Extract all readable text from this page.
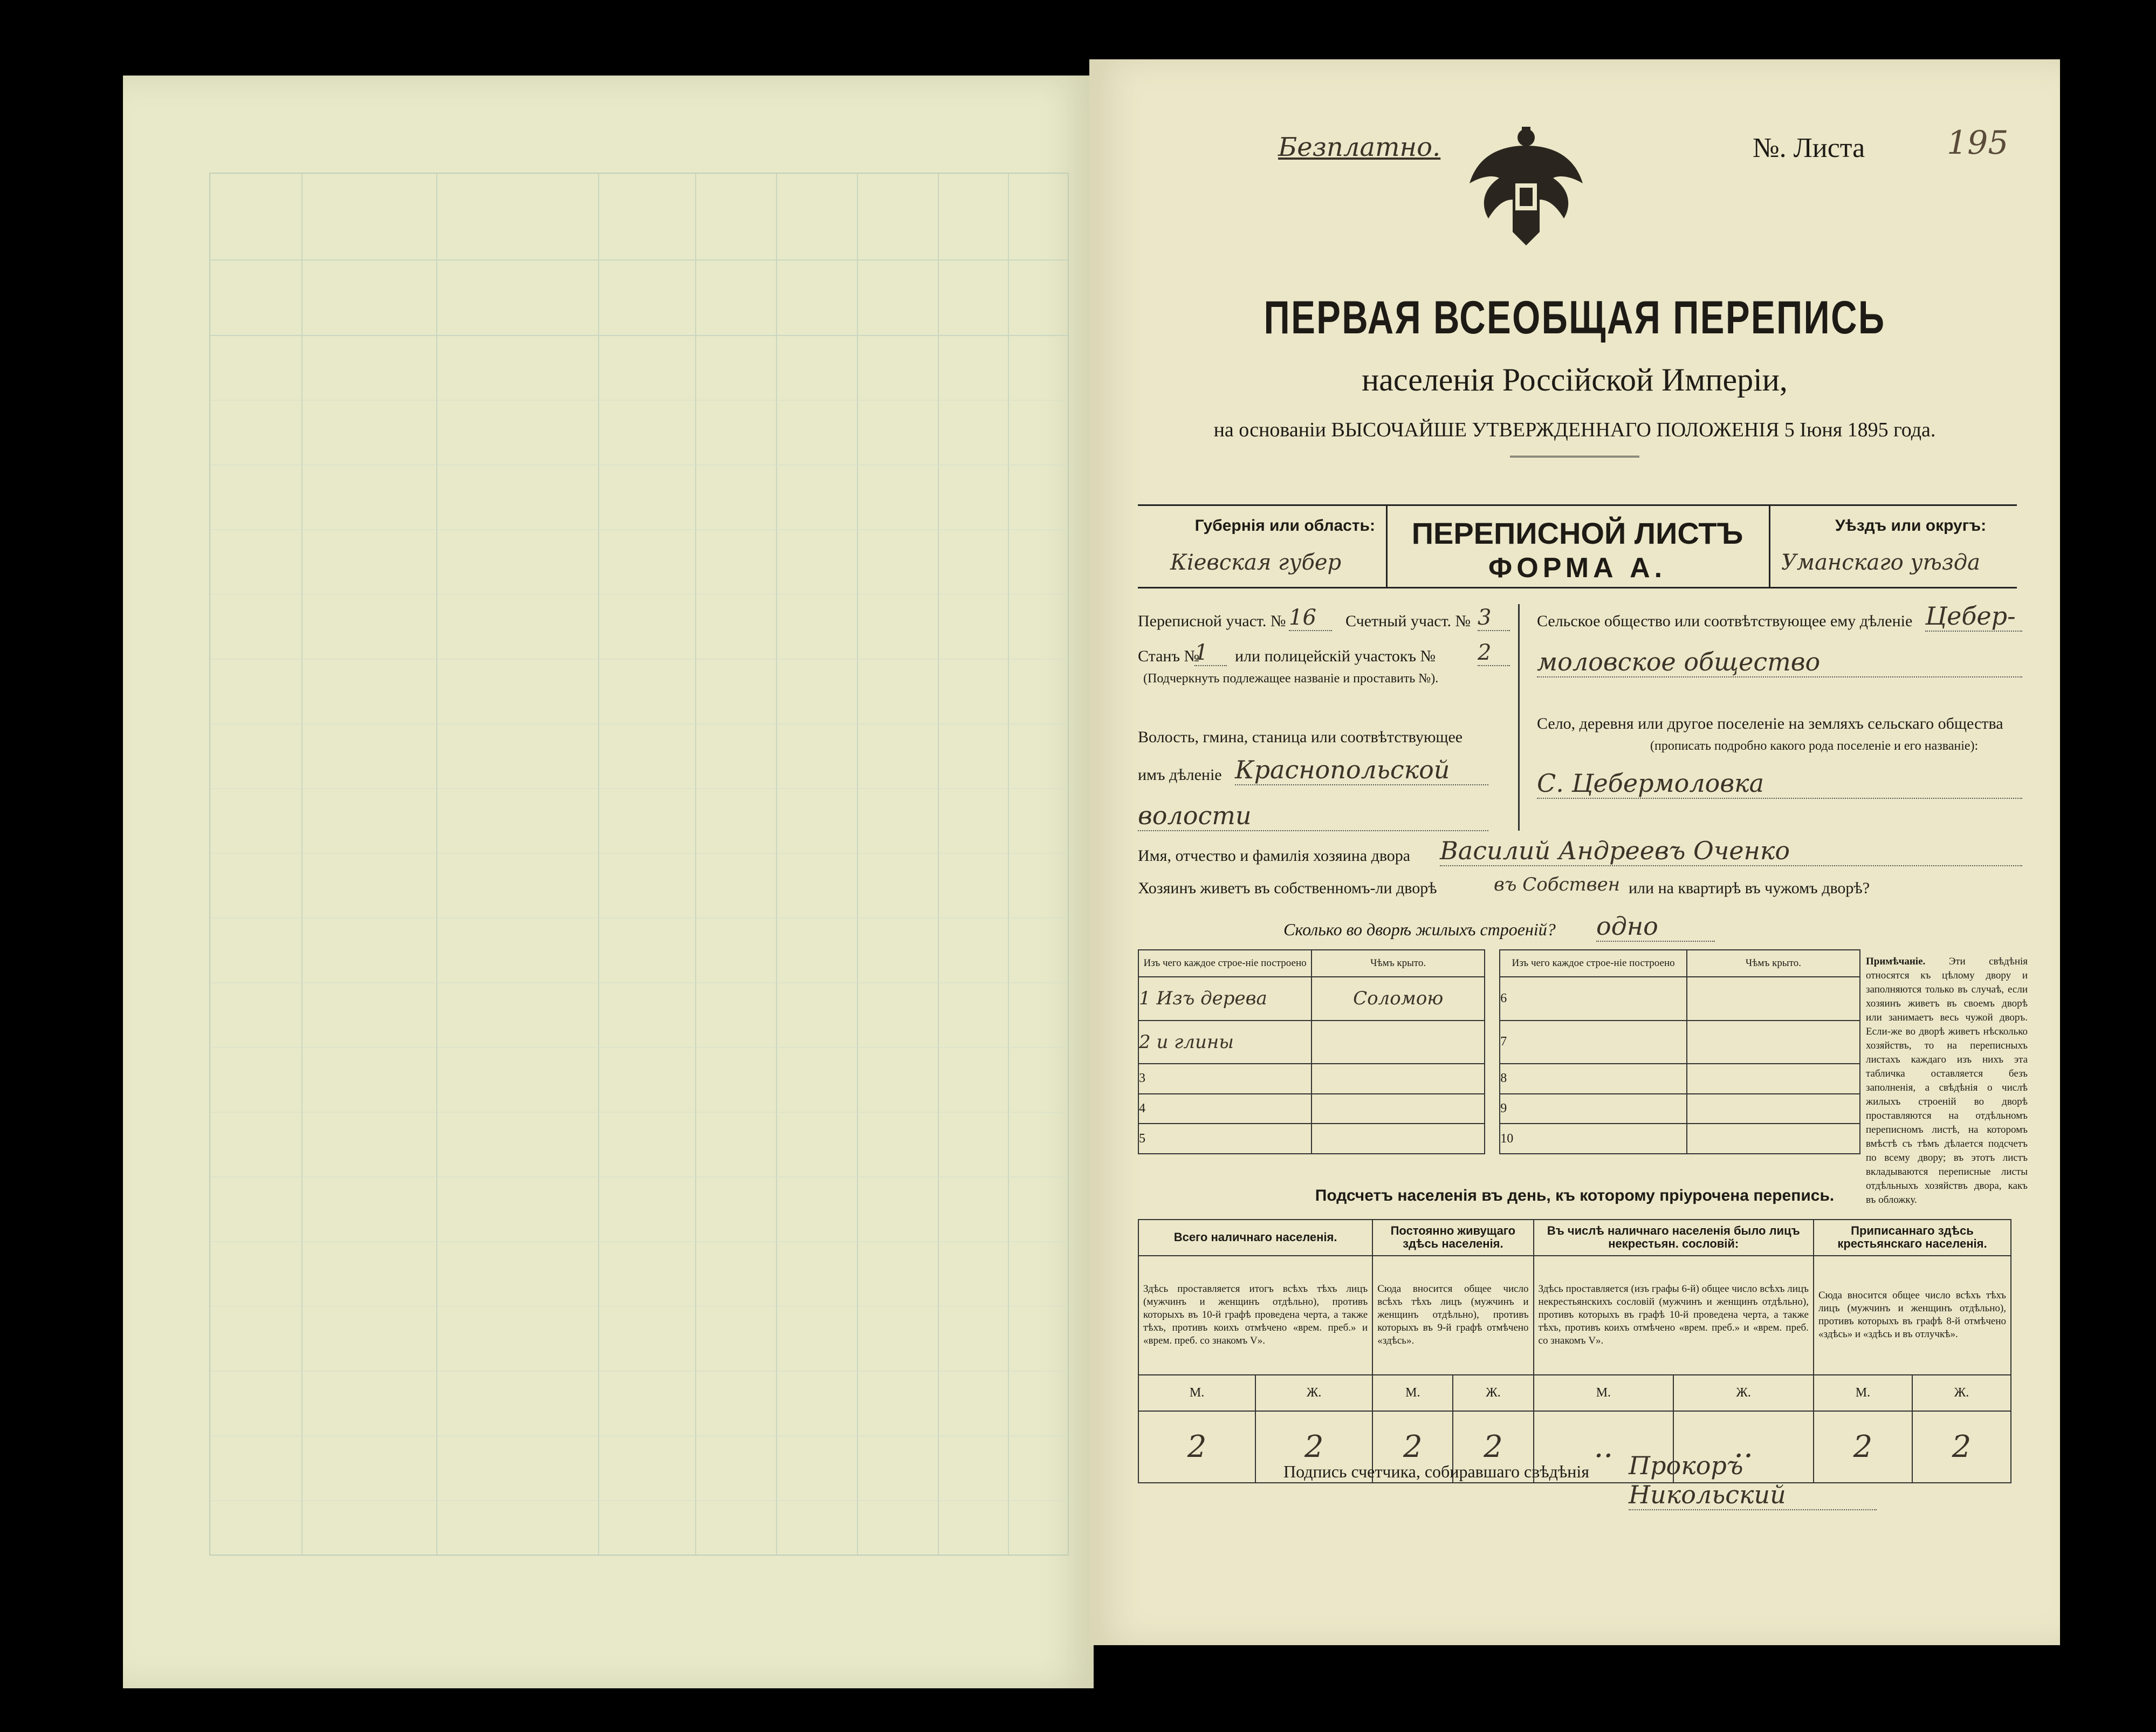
Безплатно.	№. Листа	195
ПЕРВАЯ ВСЕОБЩАЯ ПЕРЕПИСЬ
населенія Россійской Имперіи,
на основаніи ВЫСОЧАЙШЕ УТВЕРЖДЕННАГО ПОЛОЖЕНІЯ 5 Іюня 1895 года.
Губернія или область:
Кіевская губер
ПЕРЕПИСНОЙ ЛИСТЪ
ФОРМА А.
Уѣздъ или округъ:
Уманскаго уѣзда
Переписной участ. № 16	Счетный участ. № 3
Станъ №
1	или полицейскій участокъ № 2
(Подчеркнуть подлежащее названіе и проставить №).
Волость, гмина, станица или соотвѣтствующее
имъ дѣленіе Краснопольской
волости
Сельское общество или соотвѣтствующее ему дѣленіе Цебер-
моловское общество
Село, деревня или другое поселеніе на земляхъ сельскаго общества
(прописать подробно какого рода поселеніе и его названіе):
С. Цебермоловка
Имя, отчество и фамилія хозяина двора Василий Андреевъ Оченко
Хозяинъ живетъ въ собственномъ-ли дворѣ	въ Собствен или на квартирѣ въ чужомъ дворѣ?
Сколько во дворѣ жилыхъ строеній? одно
Изъ чего каждое строе-ніе построено	Чѣмъ крыто.		Изъ чего каждое строе-ніе построено	Чѣмъ крыто.
1 Изъ дерева	Соломою		6	
2 и глины			7	
3			8	
4			9	
5			10	
Примѣчаніе. Эти свѣдѣнія относятся къ цѣлому двору и заполняются только въ случаѣ, если хозяинъ живетъ въ своемъ дворѣ или занимаетъ весь чужой дворъ. Если-же во дворѣ живетъ нѣсколько хозяйствъ, то на переписныхъ листахъ каждаго изъ нихъ эта табличка оставляется безъ заполненія, а свѣдѣнія о числѣ жилыхъ строеній во дворѣ проставляются на отдѣльномъ переписномъ листѣ, на которомъ вмѣстѣ съ тѣмъ дѣлается подсчетъ по всему двору; въ этотъ листъ вкладываются переписные листы отдѣльныхъ хозяйствъ двора, какъ въ обложку.
Подсчетъ населенія въ день, къ которому пріурочена перепись.
Всего наличнаго населенія.		Постоянно живущаго здѣсь населенія.		Въ числѣ наличнаго населенія было лицъ некрестьян. сословій:		Приписаннаго здѣсь крестьянскаго населенія.	
Здѣсь проставляется итогъ всѣхъ тѣхъ лицъ (мужчинъ и женщинъ отдѣльно), противъ которыхъ въ 10-й графѣ проведена черта, а также тѣхъ, противъ коихъ отмѣчено «врем. преб.» и «врем. преб. со знакомъ V».		Сюда вносится общее число всѣхъ тѣхъ лицъ (мужчинъ и женщинъ отдѣльно), противъ которыхъ въ 9-й графѣ отмѣчено «здѣсь».		Здѣсь проставляется (изъ графы 6-й) общее число всѣхъ лицъ некрестьянскихъ сословій (мужчинъ и женщинъ отдѣльно), противъ которыхъ въ графѣ 10-й проведена черта, а также тѣхъ, противъ коихъ отмѣчено «врем. преб.» и «врем. преб. со знакомъ V».		Сюда вносится общее число всѣхъ тѣхъ лицъ (мужчинъ и женщинъ отдѣльно), противъ которыхъ въ графѣ 8-й отмѣчено «здѣсь» и «здѣсь и въ отлучкѣ».	
М.	Ж.	М.	Ж.	М.	Ж.	М.	Ж.
2	2	2	2	..	..	2	2
Подпись счетчика, собиравшаго свѣдѣнія Прокоръ Никольский
